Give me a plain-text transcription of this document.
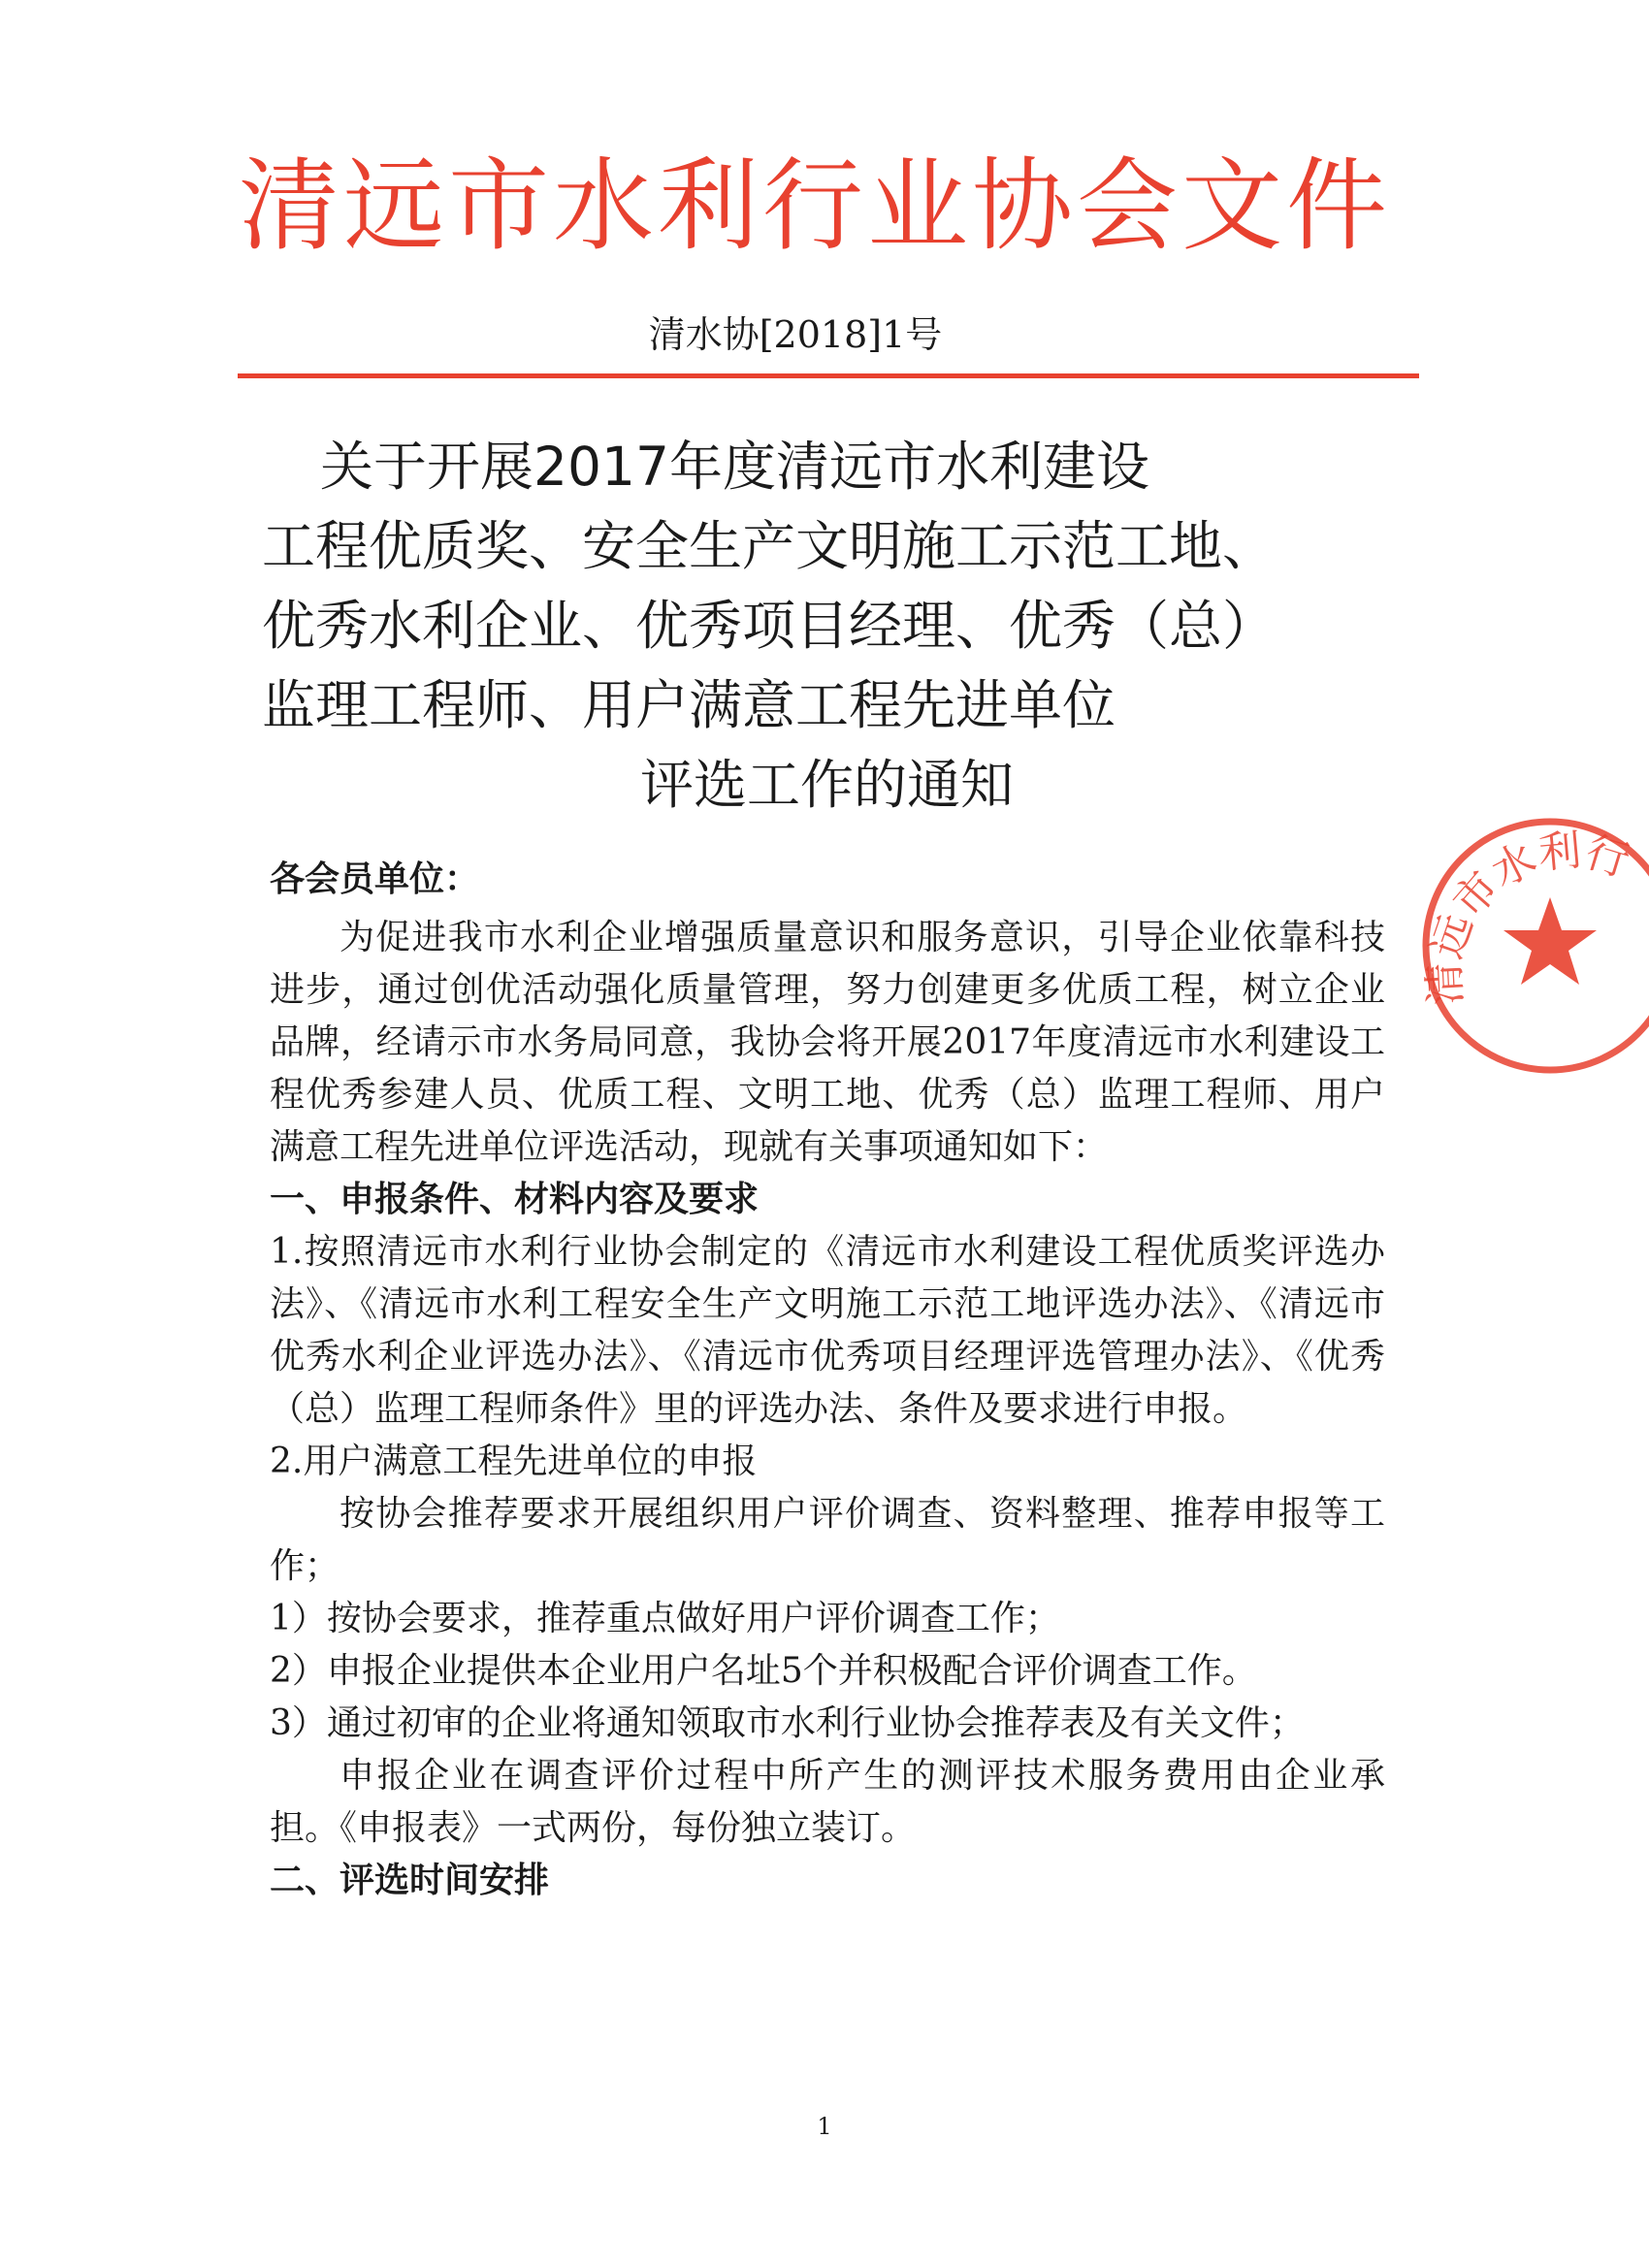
清远市水利行业协会文件
清水协[2018]1号
关于开展2017年度清远市水利建设
工程优质奖、安全生产文明施工示范工地、
优秀水利企业、优秀项目经理、优秀（总）
监理工程师、用户满意工程先进单位
评选工作的通知

各会员单位：

为促进我市水利企业增强质量意识和服务意识，引导企业依靠科技进步，通过创优活动强化质量管理，努力创建更多优质工程，树立企业品牌，经请示市水务局同意，我协会将开展2017年度清远市水利建设工程优秀参建人员、优质工程、文明工地、优秀（总）监理工程师、用户满意工程先进单位评选活动，现就有关事项通知如下：

一、申报条件、材料内容及要求

1.按照清远市水利行业协会制定的《清远市水利建设工程优质奖评选办法》、《清远市水利工程安全生产文明施工示范工地评选办法》、《清远市优秀水利企业评选办法》、《清远市优秀项目经理评选管理办法》、《优秀（总）监理工程师条件》里的评选办法、条件及要求进行申报。

2.用户满意工程先进单位的申报

按协会推荐要求开展组织用户评价调查、资料整理、推荐申报等工作；

1）按协会要求，推荐重点做好用户评价调查工作；

2）申报企业提供本企业用户名址5个并积极配合评价调查工作。

3）通过初审的企业将通知领取市水利行业协会推荐表及有关文件；

申报企业在调查评价过程中所产生的测评技术服务费用由企业承担。《申报表》一式两份，每份独立装订。

二、评选时间安排

1
清远市水利行
